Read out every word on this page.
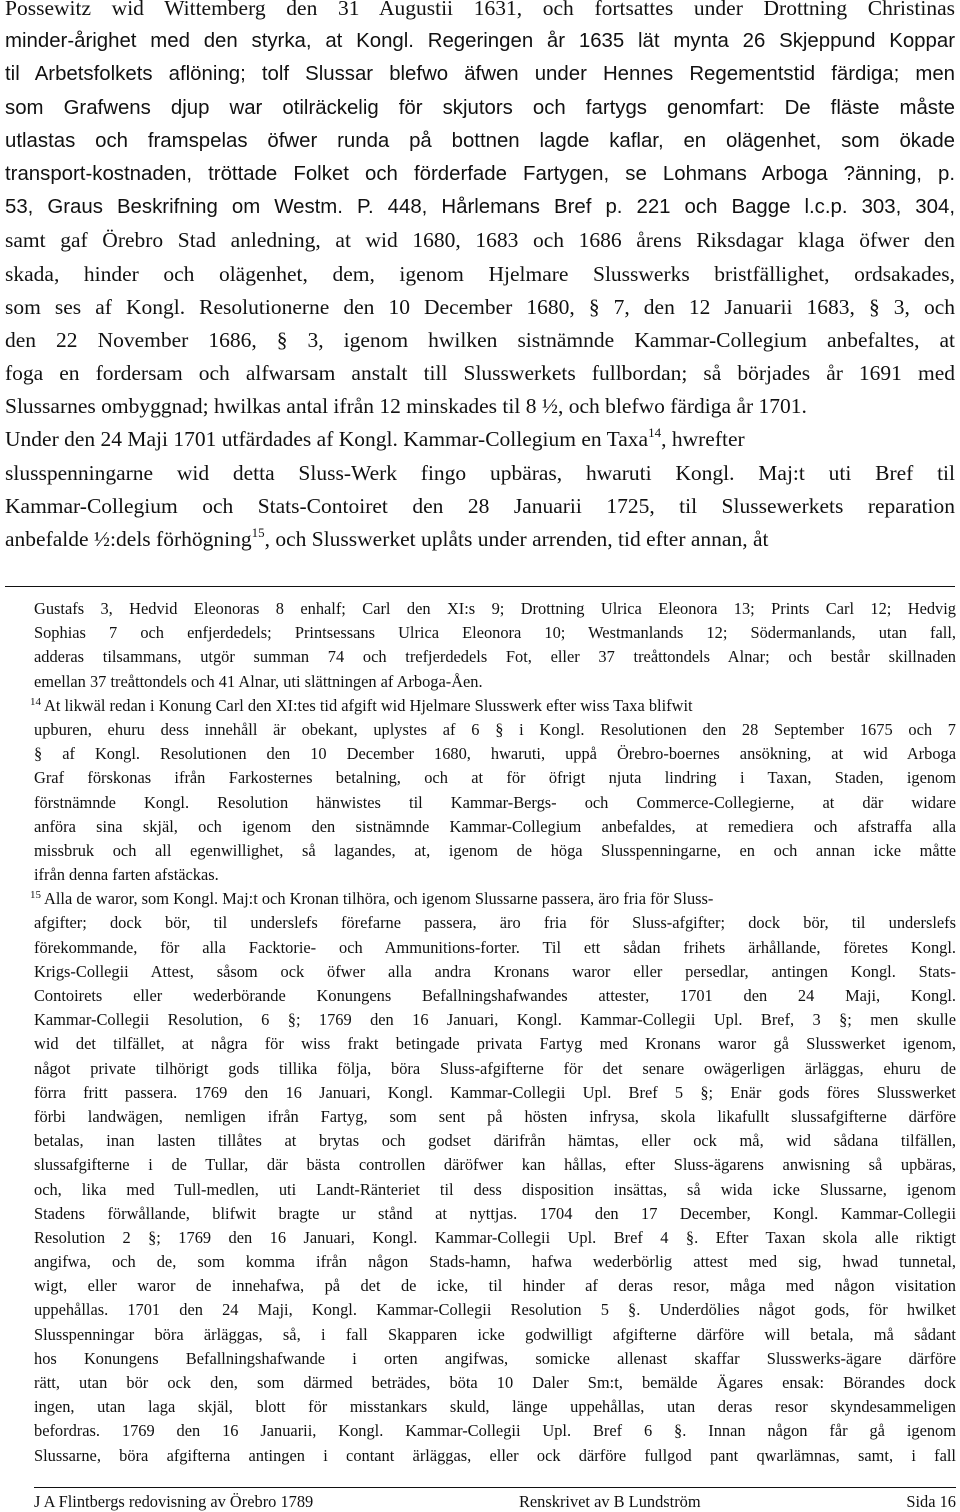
Possewitz wid Wittemberg den 31 Augustii 1631, och fortsattes under Drottning Christinas
minder-årighet med den styrka, at Kongl. Regeringen år 1635 lät mynta 26 Skjeppund Koppar
til Arbetsfolkets aflöning; tolf Slussar blefwo äfwen under Hennes Regementstid färdiga; men
som Grafwens djup war otilräckelig för skjutors och fartygs genomfart: De fläste måste
utlastas och framspelas öfwer runda på bottnen lagde kaflar, en olägenhet, som ökade
transport-kostnaden, tröttade Folket och förderfade Fartygen, se Lohmans Arboga ?änning, p.
53, Graus Beskrifning om Westm. P. 448, Hårlemans Bref p. 221 och Bagge l.c.p. 303, 304,
samt gaf Örebro Stad anledning, at wid 1680, 1683 och 1686 årens Riksdagar klaga öfwer den
skada, hinder och olägenhet, dem, igenom Hjelmare Slusswerks bristfällighet, ordsakades,
som ses af Kongl. Resolutionerne den 10 December 1680, § 7, den 12 Januarii 1683, § 3, och
den 22 November 1686, § 3, igenom hwilken sistnämnde Kammar-Collegium anbefaltes, at
foga en fordersam och alfwarsam anstalt till Slusswerkets fullbordan; så börjades år 1691 med
Slussarnes ombyggnad; hwilkas antal ifrån 12 minskades til 8 ½, och blefwo färdiga år 1701.
Under den 24 Maji 1701 utfärdades af Kongl. Kammar-Collegium en Taxa$^{14}$, hwrefter
slusspenningarne wid detta Sluss-Werk fingo upbäras, hwaruti Kongl. Maj:t uti Bref til
Kammar-Collegium och Stats-Contoiret den 28 Januarii 1725, til Slussewerkets reparation
anbefalde ½:dels förhögning$^{15}$, och Slusswerket uplåts under arrenden, tid efter annan, åt
Gustafs 3, Hedvid Eleonoras 8 enhalf; Carl den XI:s 9; Drottning Ulrica Eleonora 13; Prints Carl 12; Hedvig
Sophias 7 och enfjerdedels; Printsessans Ulrica Eleonora 10; Westmanlands 12; Södermanlands, utan fall,
adderas tilsammans, utgör summan 74 och trefjerdedels Fot, eller 37 treåttondels Alnar; och består skillnaden
emellan 37 treåttondels och 41 Alnar, uti slättningen af Arboga-Åen.
$^{14}$ At likwäl redan i Konung Carl den XI:tes tid afgift wid Hjelmare Slusswerk efter wiss Taxa blifwit
upburen, ehuru dess innehåll är obekant, uplystes af 6 § i Kongl. Resolutionen den 28 September 1675 och 7
§ af Kongl. Resolutionen den 10 December 1680, hwaruti, uppå Örebro-boernes ansökning, at wid Arboga
Graf förskonas ifrån Farkosternes betalning, och at för öfrigt njuta lindring i Taxan, Staden, igenom
förstnämnde Kongl. Resolution hänwistes til Kammar-Bergs- och Commerce-Collegierne, at där widare
anföra sina skjäl, och igenom den sistnämnde Kammar-Collegium anbefaldes, at remediera och afstraffa alla
missbruk och all egenwillighet, så lagandes, at, igenom de höga Slusspenningarne, en och annan icke måtte
ifrån denna farten afstäckas.
$^{15}$ Alla de waror, som Kongl. Maj:t och Kronan tilhöra, och igenom Slussarne passera, äro fria för Sluss-
afgifter; dock bör, til underslefs förefarne passera, äro fria för Sluss-afgifter; dock bör, til underslefs
förekommande, för alla Facktorie- och Ammunitions-forter. Til ett sådan frihets ärhållande, företes Kongl.
Krigs-Collegii Attest, såsom ock öfwer alla andra Kronans waror eller persedlar, antingen Kongl. Stats-
Contoirets eller wederbörande Konungens Befallningshafwandes attester, 1701 den 24 Maji, Kongl.
Kammar-Collegii Resolution, 6 §; 1769 den 16 Januari, Kongl. Kammar-Collegii Upl. Bref, 3 §; men skulle
wid det tilfället, at några för wiss frakt betingade privata Fartyg med Kronans waror gå Slusswerket igenom,
något private tilhörigt gods tillika följa, böra Sluss-afgifterne för det senare owägerligen ärläggas, ehuru de
förra fritt passera. 1769 den 16 Januari, Kongl. Kammar-Collegii Upl. Bref 5 §; Enär gods föres Slusswerket
förbi landwägen, nemligen ifrån Fartyg, som sent på hösten infrysa, skola likafullt slussafgifterne därföre
betalas, inan lasten tillåtes at brytas och godset därifrån hämtas, eller ock må, wid sådana tilfällen,
slussafgifterne i de Tullar, där bästa controllen däröfwer kan hållas, efter Sluss-ägarens anwisning så upbäras,
och, lika med Tull-medlen, uti Landt-Ränteriet til dess disposition insättas, så wida icke Slussarne, igenom
Stadens förwållande, blifwit bragte ur stånd at nyttjas. 1704 den 17 December, Kongl. Kammar-Collegii
Resolution 2 §; 1769 den 16 Januari, Kongl. Kammar-Collegii Upl. Bref 4 §. Efter Taxan skola alle riktigt
angifwa, och de, som komma ifrån någon Stads-hamn, hafwa wederbörlig attest med sig, hwad tunnetal,
wigt, eller waror de innehafwa, på det de icke, til hinder af deras resor, måga med någon visitation
uppehållas. 1701 den 24 Maji, Kongl. Kammar-Collegii Resolution 5 §. Underdölies något gods, för hwilket
Slusspenningar böra ärläggas, så, i fall Skapparen icke godwilligt afgifterne därföre will betala, må sådant
hos Konungens Befallningshafwande i orten angifwas, somicke allenast skaffar Slusswerks-ägare därföre
rätt, utan bör ock den, som därmed beträdes, böta 10 Daler Sm:t, bemälde Ägares ensak: Börandes dock
ingen, utan laga skjäl, blott för misstankars skuld, länge uppehållas, utan deras resor skyndesammeligen
befordras. 1769 den 16 Januarii, Kongl. Kammar-Collegii Upl. Bref 6 §. Innan någon får gå igenom
Slussarne, böra afgifterna antingen i contant ärläggas, eller ock därföre fullgod pant qwarlämnas, samt, i fall
J A Flintbergs redovisning av Örebro 1789	Renskrivet av B Lundström	Sida 16
